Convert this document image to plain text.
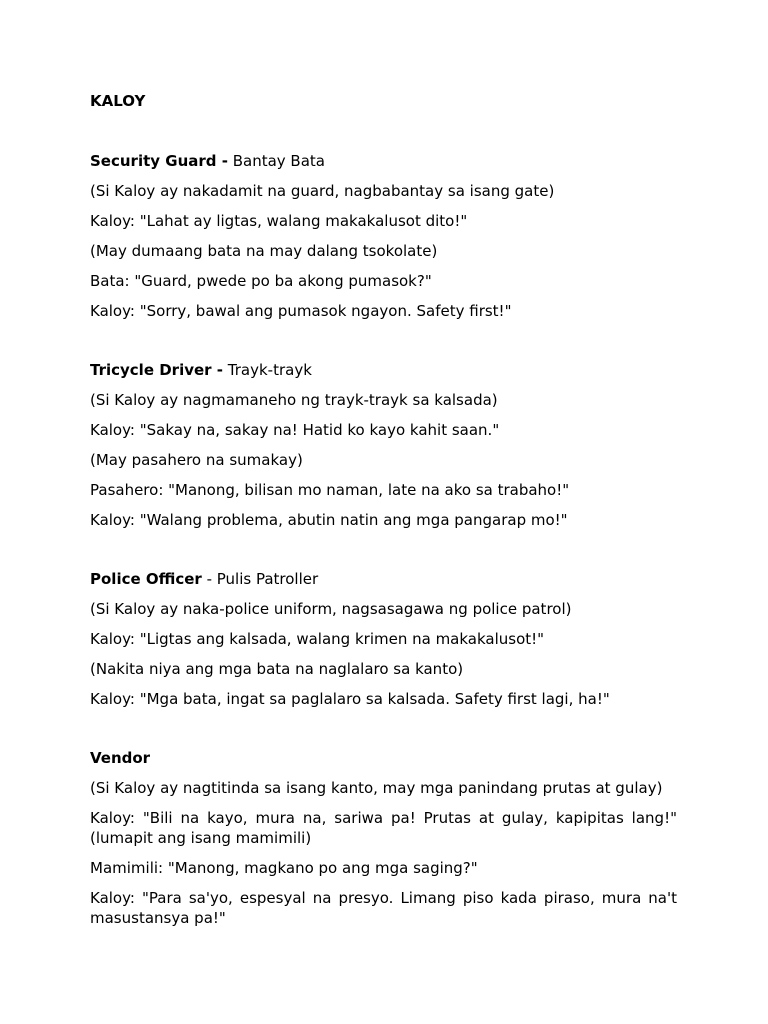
KALOY
Security Guard - Bantay Bata
(Si Kaloy ay nakadamit na guard, nagbabantay sa isang gate)
Kaloy: "Lahat ay ligtas, walang makakalusot dito!"
(May dumaang bata na may dalang tsokolate)
Bata: "Guard, pwede po ba akong pumasok?"
Kaloy: "Sorry, bawal ang pumasok ngayon. Safety first!"
Tricycle Driver - Trayk-trayk
(Si Kaloy ay nagmamaneho ng trayk-trayk sa kalsada)
Kaloy: "Sakay na, sakay na! Hatid ko kayo kahit saan."
(May pasahero na sumakay)
Pasahero: "Manong, bilisan mo naman, late na ako sa trabaho!"
Kaloy: "Walang problema, abutin natin ang mga pangarap mo!"
Police Officer - Pulis Patroller
(Si Kaloy ay naka-police uniform, nagsasagawa ng police patrol)
Kaloy: "Ligtas ang kalsada, walang krimen na makakalusot!"
(Nakita niya ang mga bata na naglalaro sa kanto)
Kaloy: "Mga bata, ingat sa paglalaro sa kalsada. Safety first lagi, ha!"
Vendor
(Si Kaloy ay nagtitinda sa isang kanto, may mga panindang prutas at gulay)
Kaloy: "Bili na kayo, mura na, sariwa pa! Prutas at gulay, kapipitas lang!" (lumapit ang isang mamimili)
Mamimili: "Manong, magkano po ang mga saging?"
Kaloy: "Para sa'yo, espesyal na presyo. Limang piso kada piraso, mura na't masustansya pa!"
